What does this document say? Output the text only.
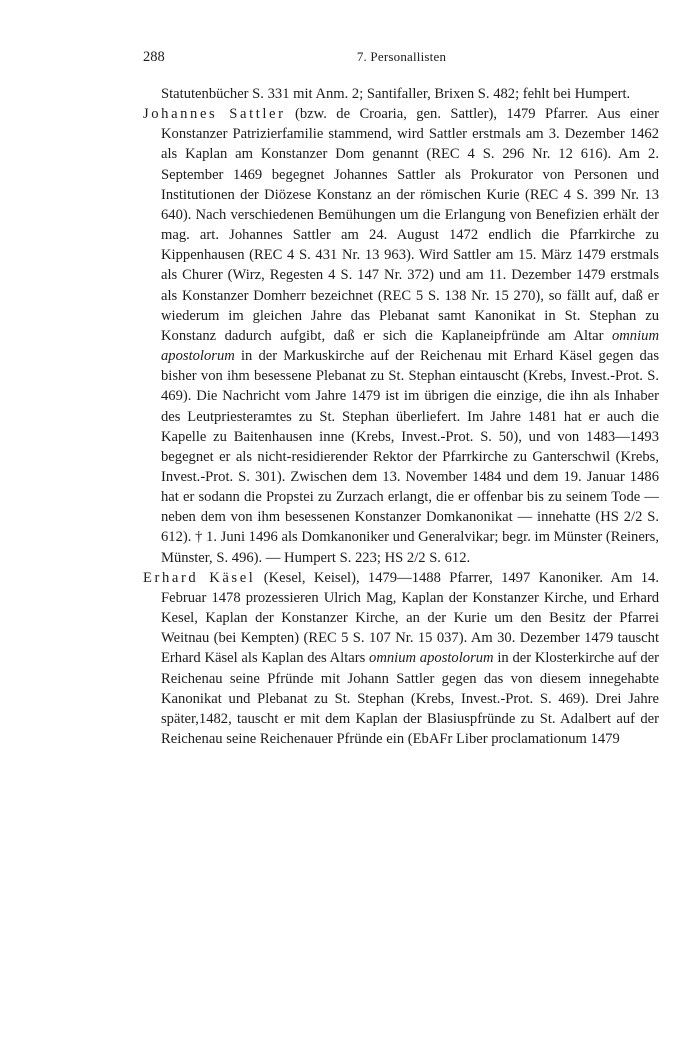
288	7. Personallisten

Statutenbücher S. 331 mit Anm. 2; Santifaller, Brixen S. 482; fehlt bei Humpert.

Johannes Sattler (bzw. de Croaria, gen. Sattler), 1479 Pfarrer. Aus einer Konstanzer Patrizierfamilie stammend, wird Sattler erstmals am 3. Dezember 1462 als Kaplan am Konstanzer Dom genannt (REC 4 S. 296 Nr. 12 616). Am 2. September 1469 begegnet Johannes Sattler als Prokurator von Personen und Institutionen der Diözese Konstanz an der römischen Kurie (REC 4 S. 399 Nr. 13 640). Nach verschiedenen Bemühungen um die Erlangung von Benefizien erhält der mag. art. Johannes Sattler am 24. August 1472 endlich die Pfarrkirche zu Kippenhausen (REC 4 S. 431 Nr. 13 963). Wird Sattler am 15. März 1479 erstmals als Churer (Wirz, Regesten 4 S. 147 Nr. 372) und am 11. Dezember 1479 erstmals als Konstanzer Domherr bezeichnet (REC 5 S. 138 Nr. 15 270), so fällt auf, daß er wiederum im gleichen Jahre das Plebanat samt Kanonikat in St. Stephan zu Konstanz dadurch aufgibt, daß er sich die Kaplaneipfründe am Altar omnium apostolorum in der Markuskirche auf der Reichenau mit Erhard Käsel gegen das bisher von ihm besessene Plebanat zu St. Stephan eintauscht (Krebs, Invest.-Prot. S. 469). Die Nachricht vom Jahre 1479 ist im übrigen die einzige, die ihn als Inhaber des Leutpriesteramtes zu St. Stephan überliefert. Im Jahre 1481 hat er auch die Kapelle zu Baitenhausen inne (Krebs, Invest.-Prot. S. 50), und von 1483—1493 begegnet er als nicht-residierender Rektor der Pfarrkirche zu Ganterschwil (Krebs, Invest.-Prot. S. 301). Zwischen dem 13. November 1484 und dem 19. Januar 1486 hat er sodann die Propstei zu Zurzach erlangt, die er offenbar bis zu seinem Tode — neben dem von ihm besessenen Konstanzer Domkanonikat — innehatte (HS 2/2 S. 612). † 1. Juni 1496 als Domkanoniker und Generalvikar; begr. im Münster (Reiners, Münster, S. 496). — Humpert S. 223; HS 2/2 S. 612.

Erhard Käsel (Kesel, Keisel), 1479—1488 Pfarrer, 1497 Kanoniker. Am 14. Februar 1478 prozessieren Ulrich Mag, Kaplan der Konstanzer Kirche, und Erhard Kesel, Kaplan der Konstanzer Kirche, an der Kurie um den Besitz der Pfarrei Weitnau (bei Kempten) (REC 5 S. 107 Nr. 15 037). Am 30. Dezember 1479 tauscht Erhard Käsel als Kaplan des Altars omnium apostolorum in der Klosterkirche auf der Reichenau seine Pfründe mit Johann Sattler gegen das von diesem innegehabte Kanonikat und Plebanat zu St. Stephan (Krebs, Invest.-Prot. S. 469). Drei Jahre später,1482, tauscht er mit dem Kaplan der Blasiuspfründe zu St. Adalbert auf der Reichenau seine Reichenauer Pfründe ein (EbAFr Liber proclamationum 1479
